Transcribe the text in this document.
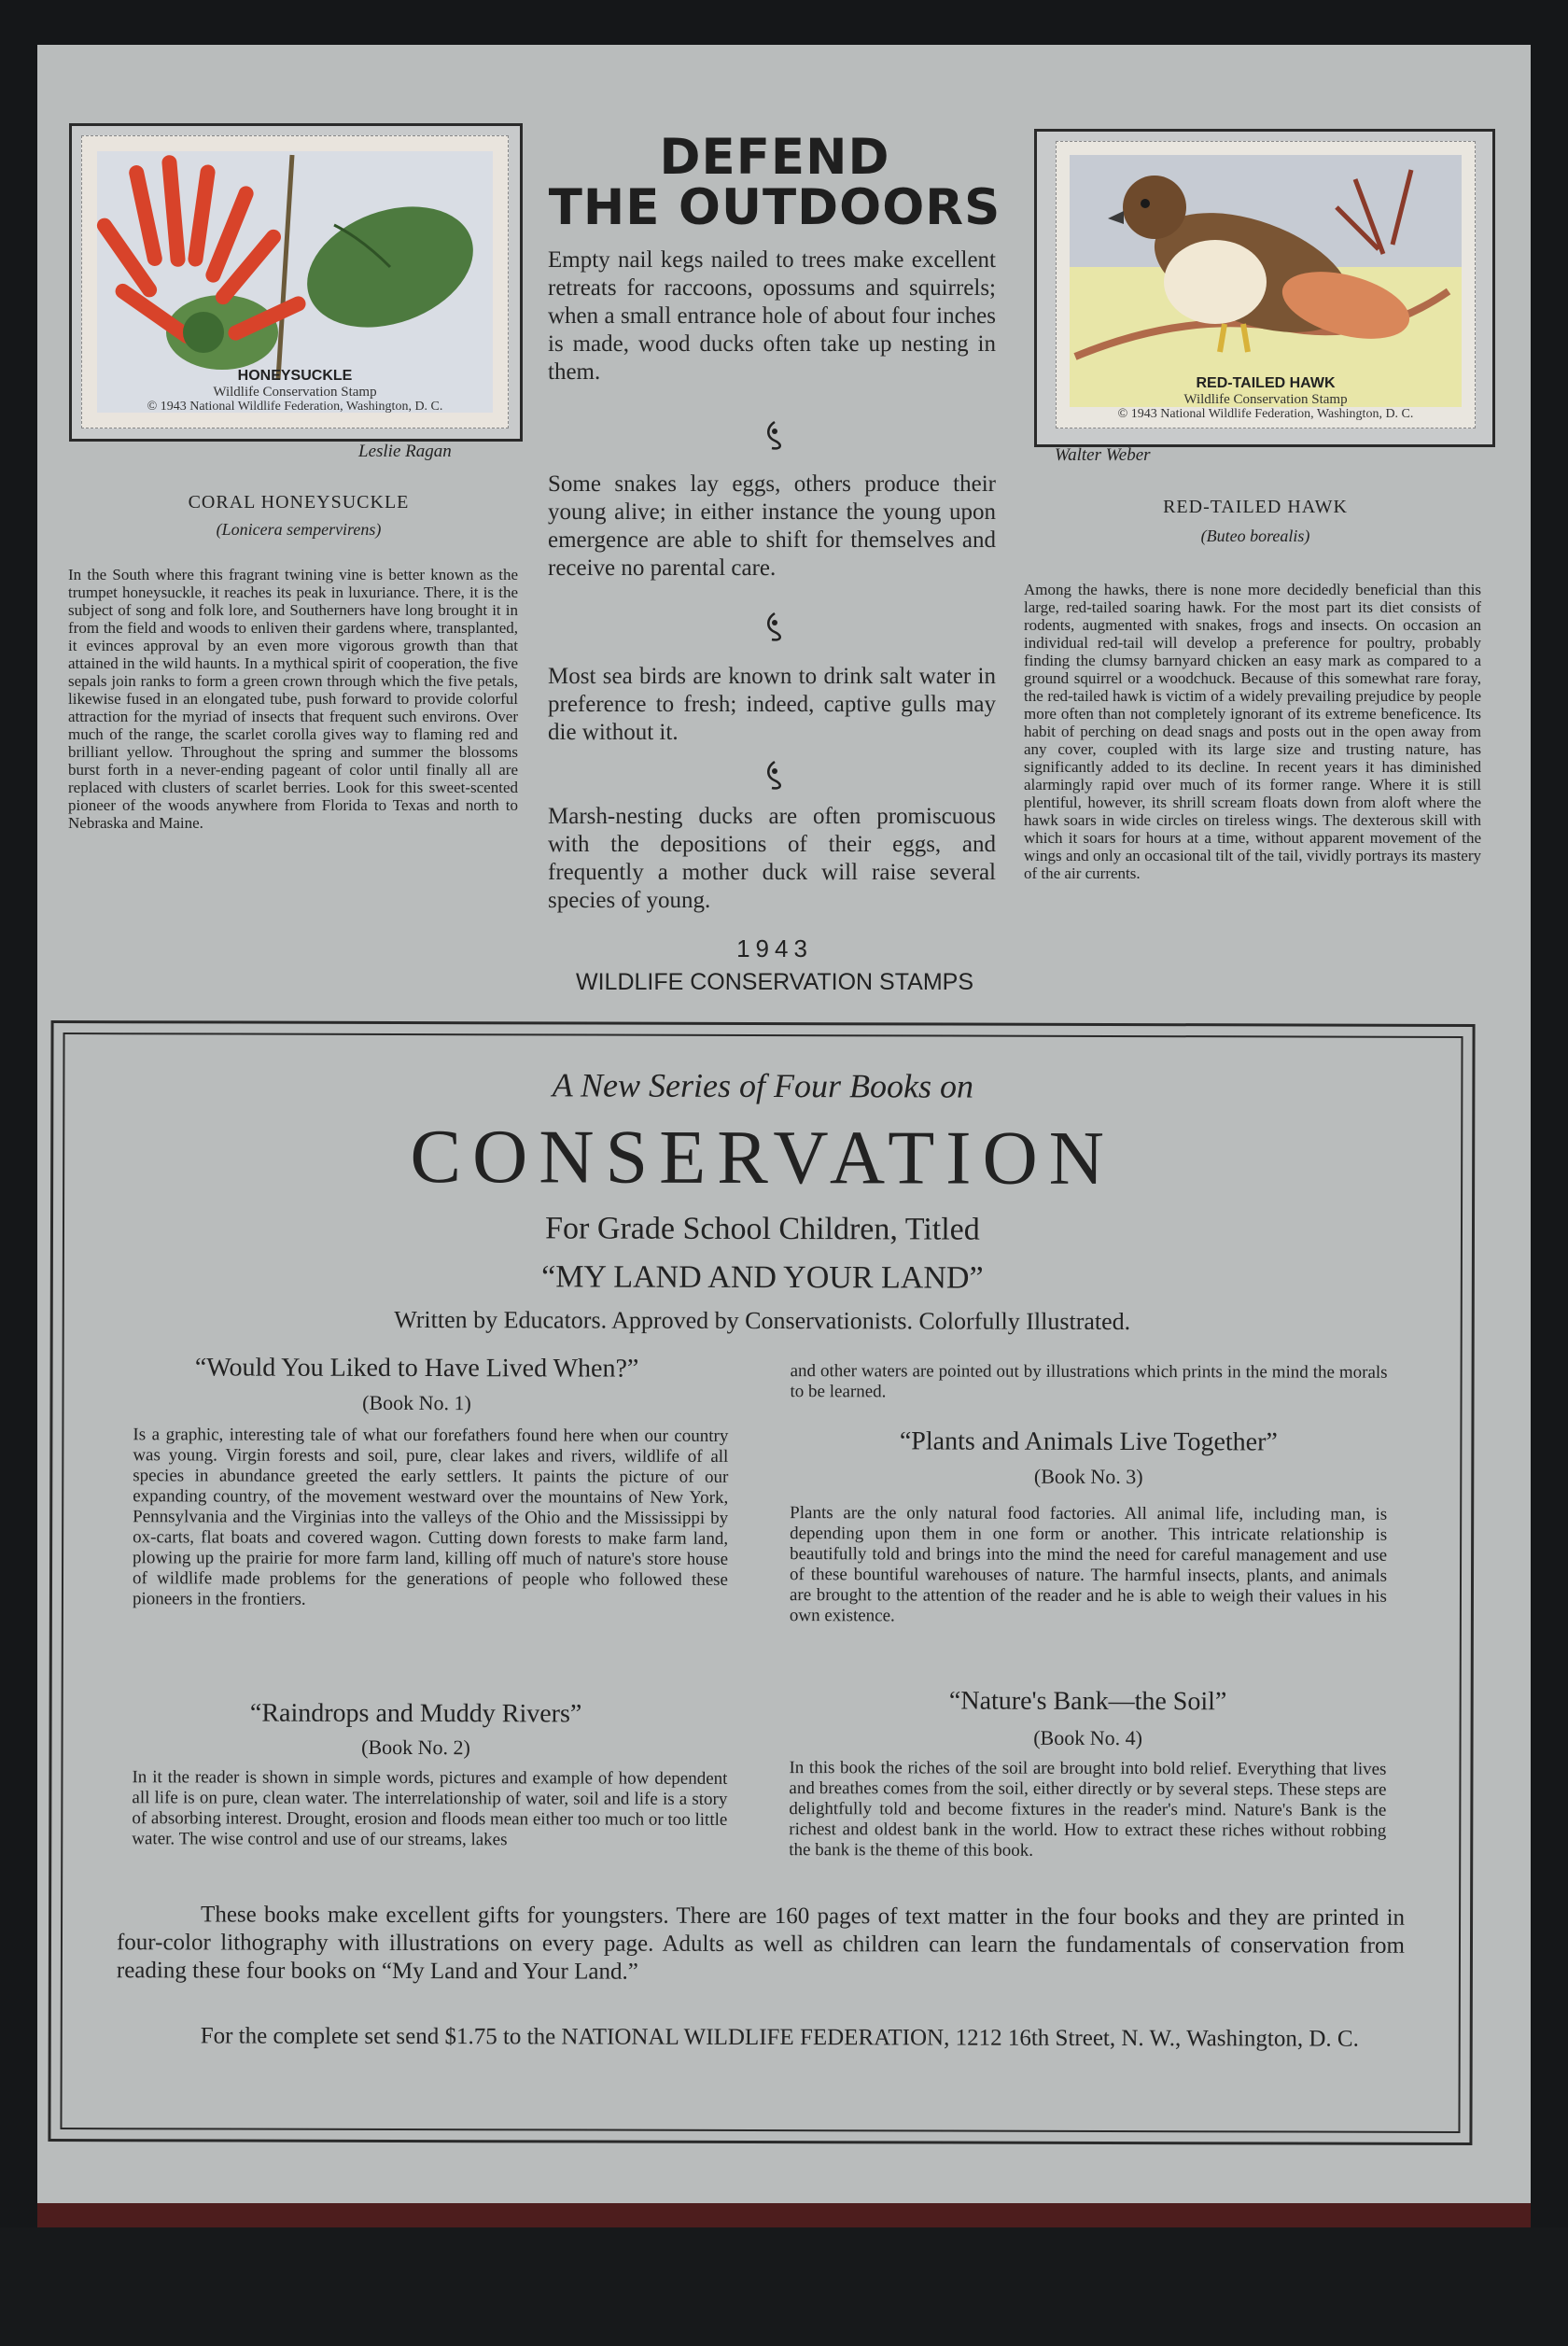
HONEYSUCKLE
Wildlife Conservation Stamp
© 1943 National Wildlife Federation, Washington, D. C.
Leslie Ragan
CORAL HONEYSUCKLE
(Lonicera sempervirens)
In the South where this fragrant twining vine is better known as the trumpet honeysuckle, it reaches its peak in luxuriance. There, it is the subject of song and folk lore, and Southerners have long brought it in from the field and woods to enliven their gardens where, transplanted, it evinces approval by an even more vigorous growth than that attained in the wild haunts. In a mythical spirit of cooperation, the five sepals join ranks to form a green crown through which the five petals, likewise fused in an elongated tube, push forward to provide colorful attraction for the myriad of insects that frequent such environs. Over much of the range, the scarlet corolla gives way to flaming red and brilliant yellow. Throughout the spring and summer the blossoms burst forth in a never-ending pageant of color until finally all are replaced with clusters of scarlet berries. Look for this sweet-scented pioneer of the woods anywhere from Florida to Texas and north to Nebraska and Maine.
DEFEND
THE OUTDOORS
Empty nail kegs nailed to trees make excellent retreats for raccoons, opossums and squirrels; when a small entrance hole of about four inches is made, wood ducks often take up nesting in them.
Some snakes lay eggs, others produce their young alive; in either instance the young upon emergence are able to shift for themselves and receive no parental care.
Most sea birds are known to drink salt water in preference to fresh; indeed, captive gulls may die without it.
Marsh-nesting ducks are often promiscuous with the depositions of their eggs, and frequently a mother duck will raise several species of young.
1943
WILDLIFE CONSERVATION STAMPS
RED-TAILED HAWK
Wildlife Conservation Stamp
© 1943 National Wildlife Federation, Washington, D. C.
Walter Weber
RED-TAILED HAWK
(Buteo borealis)
Among the hawks, there is none more decidedly beneficial than this large, red-tailed soaring hawk. For the most part its diet consists of rodents, augmented with snakes, frogs and insects. On occasion an individual red-tail will develop a preference for poultry, probably finding the clumsy barnyard chicken an easy mark as compared to a ground squirrel or a woodchuck. Because of this somewhat rare foray, the red-tailed hawk is victim of a widely prevailing prejudice by people more often than not completely ignorant of its extreme beneficence. Its habit of perching on dead snags and posts out in the open away from any cover, coupled with its large size and trusting nature, has significantly added to its decline. In recent years it has diminished alarmingly rapid over much of its former range. Where it is still plentiful, however, its shrill scream floats down from aloft where the hawk soars in wide circles on tireless wings. The dexterous skill with which it soars for hours at a time, without apparent movement of the wings and only an occasional tilt of the tail, vividly portrays its mastery of the air currents.
A New Series of Four Books on
CONSERVATION
For Grade School Children, Titled
“MY LAND AND YOUR LAND”
Written by Educators. Approved by Conservationists. Colorfully Illustrated.
“Would You Liked to Have Lived When?”
(Book No. 1)
Is a graphic, interesting tale of what our forefathers found here when our country was young. Virgin forests and soil, pure, clear lakes and rivers, wildlife of all species in abundance greeted the early settlers. It paints the picture of our expanding country, of the movement westward over the mountains of New York, Pennsylvania and the Virginias into the valleys of the Ohio and the Mississippi by ox-carts, flat boats and covered wagon. Cutting down forests to make farm land, plowing up the prairie for more farm land, killing off much of nature's store house of wildlife made problems for the generations of people who followed these pioneers in the frontiers.
“Raindrops and Muddy Rivers”
(Book No. 2)
In it the reader is shown in simple words, pictures and example of how dependent all life is on pure, clean water. The interrelationship of water, soil and life is a story of absorbing interest. Drought, erosion and floods mean either too much or too little water. The wise control and use of our streams, lakes
and other waters are pointed out by illustrations which prints in the mind the morals to be learned.
“Plants and Animals Live Together”
(Book No. 3)
Plants are the only natural food factories. All animal life, including man, is depending upon them in one form or another. This intricate relationship is beautifully told and brings into the mind the need for careful management and use of these bountiful warehouses of nature. The harmful insects, plants, and animals are brought to the attention of the reader and he is able to weigh their values in his own existence.
“Nature's Bank—the Soil”
(Book No. 4)
In this book the riches of the soil are brought into bold relief. Everything that lives and breathes comes from the soil, either directly or by several steps. These steps are delightfully told and become fixtures in the reader's mind. Nature's Bank is the richest and oldest bank in the world. How to extract these riches without robbing the bank is the theme of this book.
These books make excellent gifts for youngsters. There are 160 pages of text matter in the four books and they are printed in four-color lithography with illustrations on every page. Adults as well as children can learn the fundamentals of conservation from reading these four books on “My Land and Your Land.”
For the complete set send $1.75 to the NATIONAL WILDLIFE FEDERATION, 1212 16th Street, N. W., Washington, D. C.
